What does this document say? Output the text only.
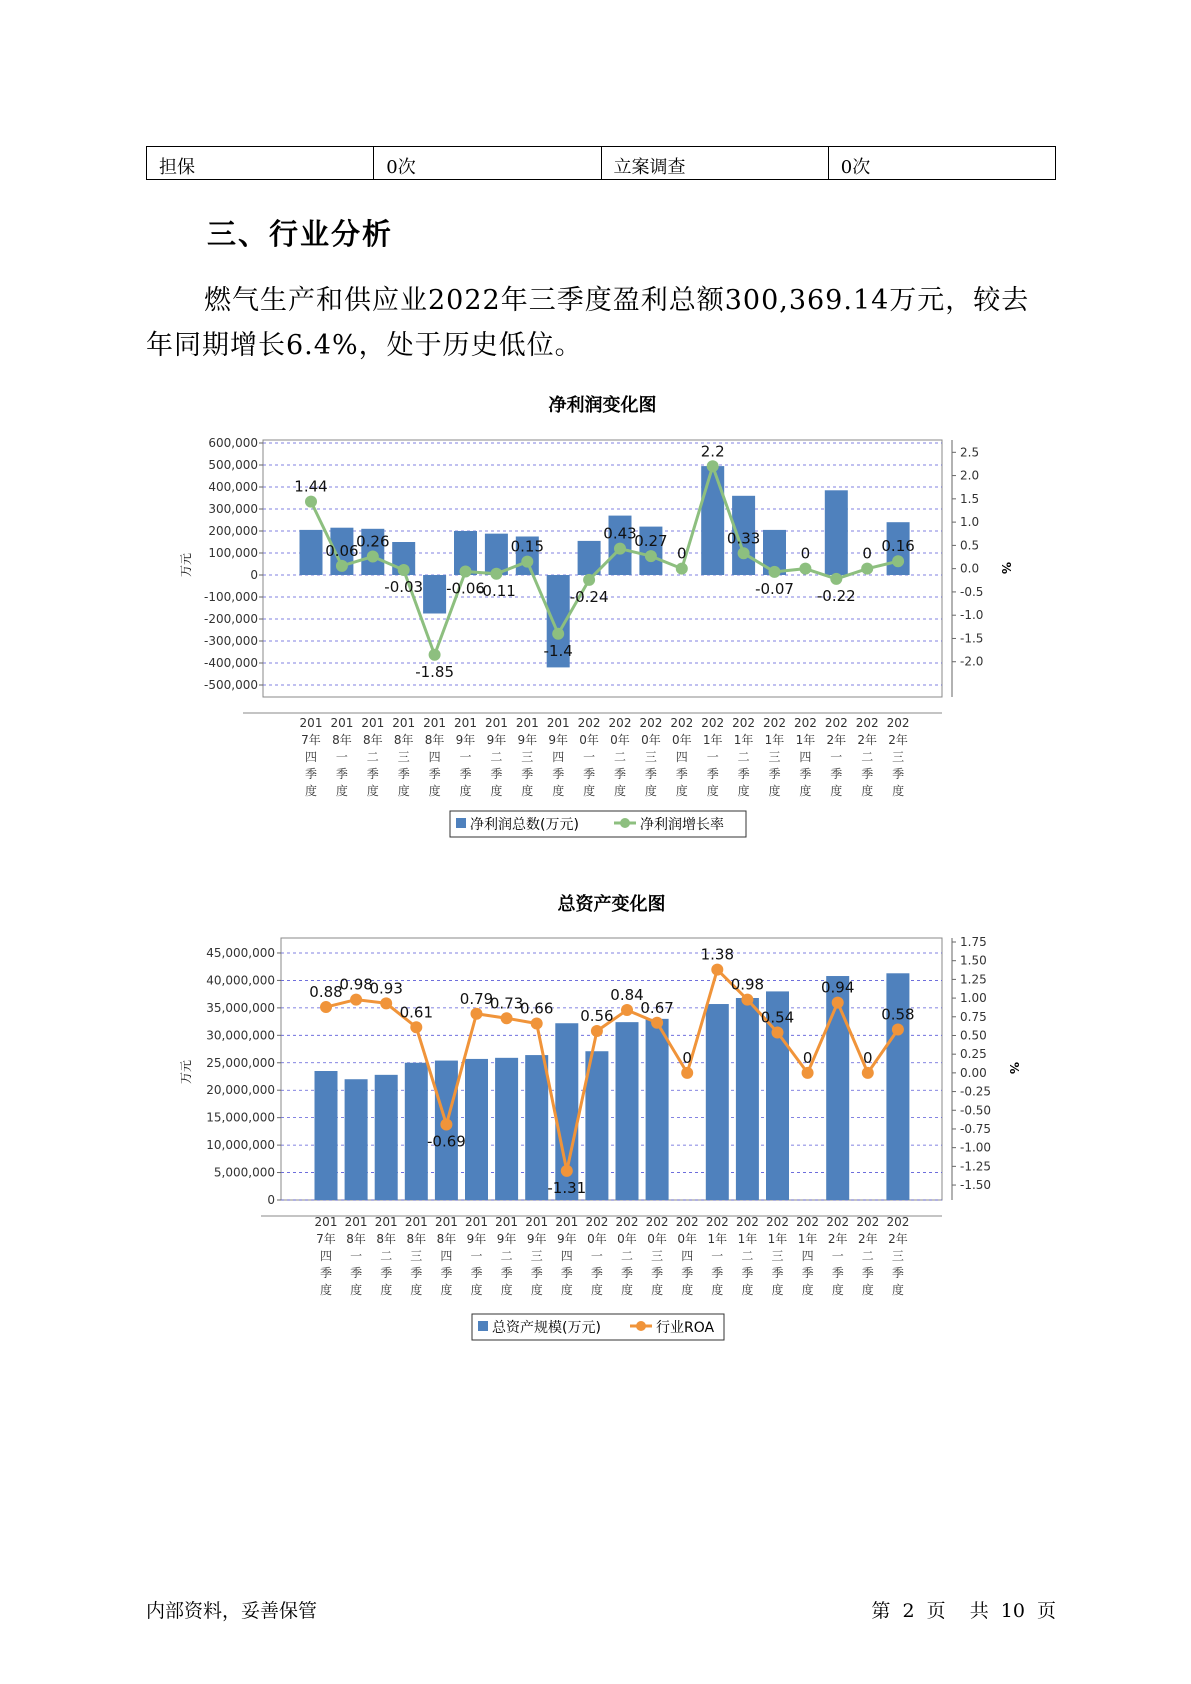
担保	0次	立案调查	0次
三、行业分析

燃气生产和供应业2022年三季度盈利总额300,369.14万元，较去年同期增长6.4%，处于历史低位。

净利润变化图
600,000
500,000
400,000
300,000
200,000
100,000
0
-100,000
-200,000
-300,000
-400,000
-500,000
2.5
2.0
1.5
1.0
0.5
0.0
-0.5
-1.0
-1.5
-2.0
万元	%
1.44
0.06
0.26
-0.03
-1.85
-0.06
-0.11
0.15
-1.4
-0.24
0.43
0.27
0
2.2
0.33
-0.07
0
-0.22
0 0.16
201 7年四季度
201 8年一季度
201 8年二季度
201 8年三季度
201 8年四季度
201 9年一季度
201 9年二季度
201 9年三季度
201 9年四季度
202 0年一季度
202 0年二季度
202 0年三季度
202 0年四季度
202 1年一季度
202 1年二季度
202 1年三季度
202 1年四季度
202 2年一季度
202 2年二季度
202 2年三季度
净利润总数(万元)	净利润增长率
总资产变化图
45,000,000
40,000,000
35,000,000
30,000,000
25,000,000
20,000,000
15,000,000
10,000,000
5,000,000
0
1.75
1.50
1.25
1.00
0.75
0.50
0.25
0.00
-0.25
-0.50
-0.75
-1.00
-1.25
-1.50
万元	%
0.88
0.98
0.93
0.61
-0.69
0.79
0.73
0.66
-1.31
0.56
0.84
0.67
0
1.38
0.98
0.54
0
0.94
0
0.58
201 7年四季度
201 8年一季度
201 8年二季度
201 8年三季度
201 8年四季度
201 9年一季度
201 9年二季度
201 9年三季度
201 9年四季度
202 0年一季度
202 0年二季度
202 0年三季度
202 0年四季度
202 1年一季度
202 1年二季度
202 1年三季度
202 1年四季度
202 2年一季度
202 2年二季度
202 2年三季度
总资产规模(万元)	行业ROA
内部资料，妥善保管	第 2 页 共 10 页
